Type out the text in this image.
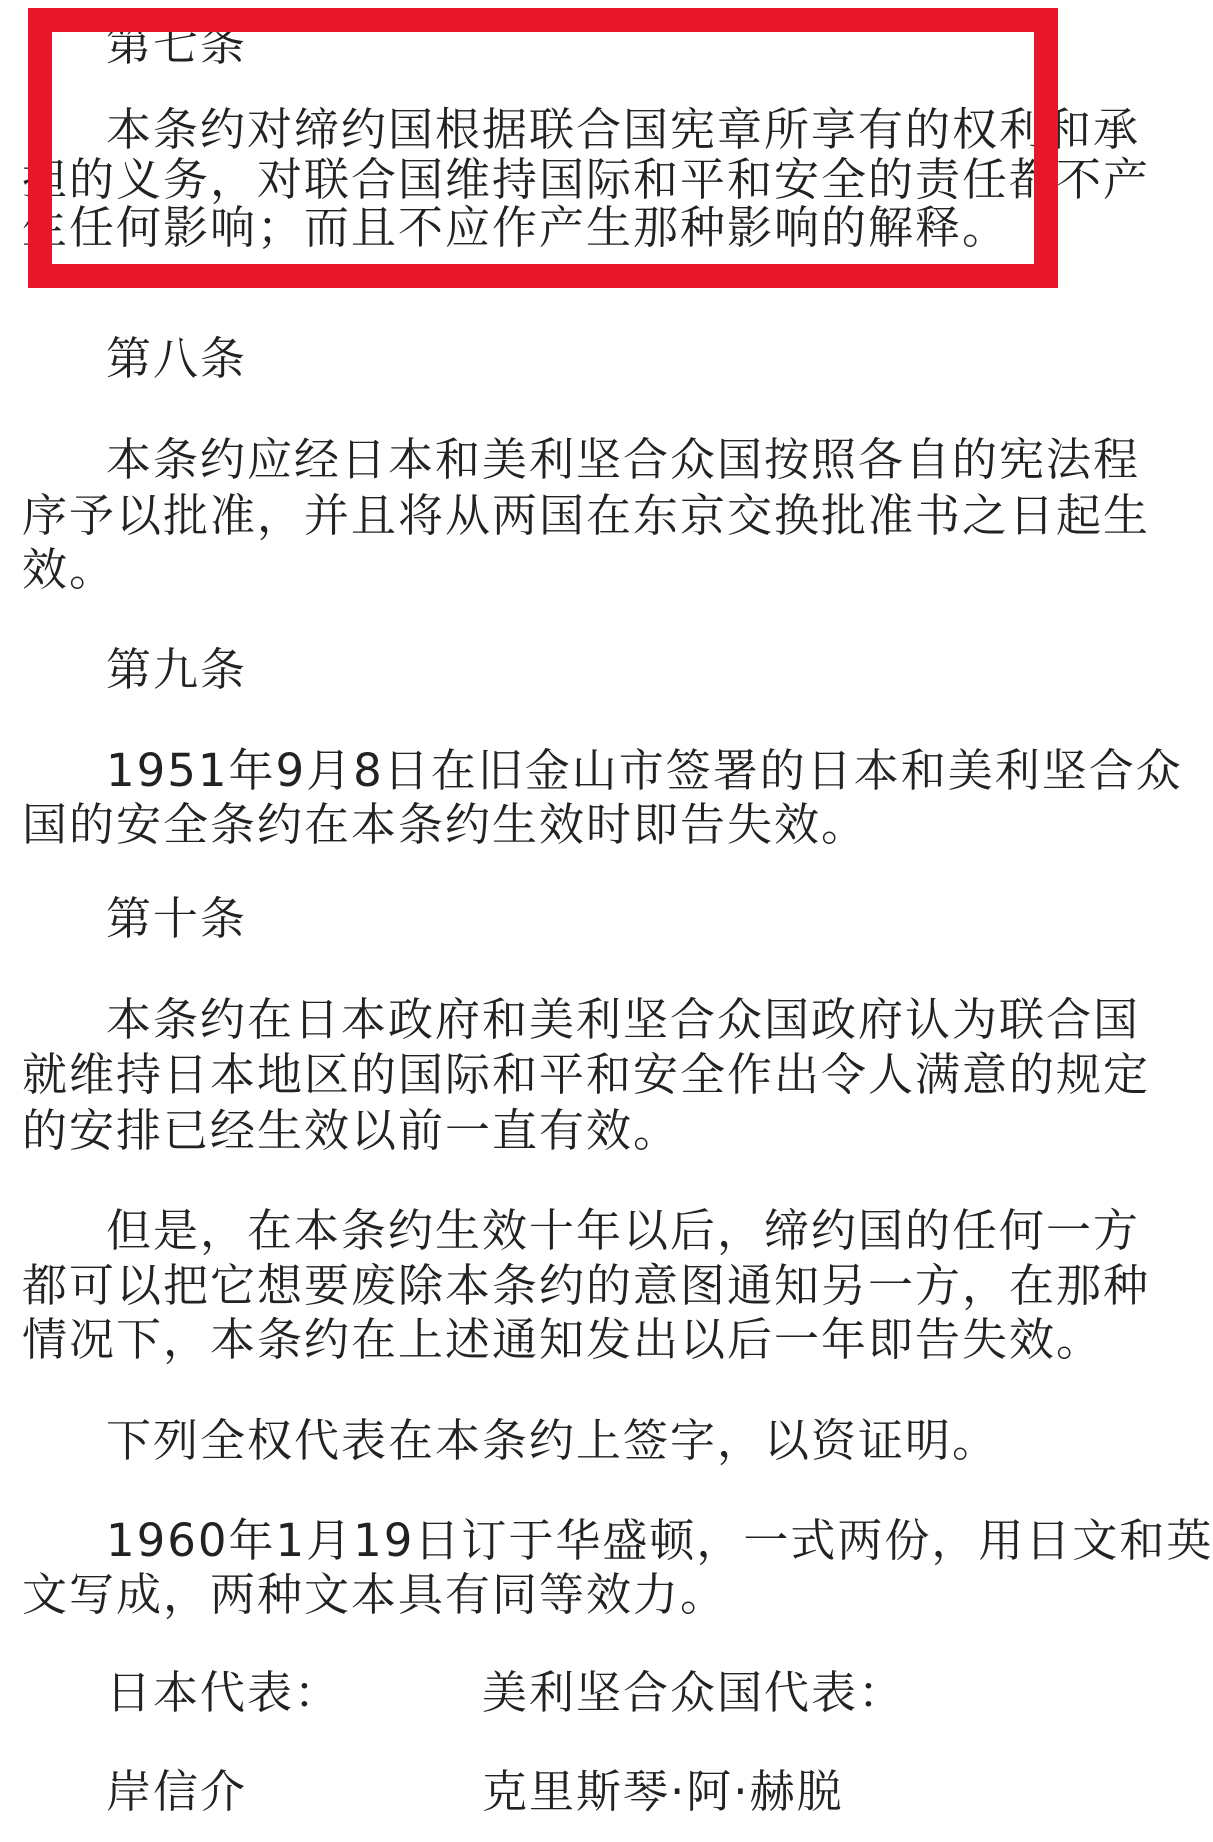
第七条
本条约对缔约国根据联合国宪章所享有的权利和承
担的义务，对联合国维持国际和平和安全的责任都不产
生任何影响；而且不应作产生那种影响的解释。
第八条
本条约应经日本和美利坚合众国按照各自的宪法程
序予以批准，并且将从两国在东京交换批准书之日起生
效。
第九条
1951年9月8日在旧金山市签署的日本和美利坚合众
国的安全条约在本条约生效时即告失效。
第十条
本条约在日本政府和美利坚合众国政府认为联合国
就维持日本地区的国际和平和安全作出令人满意的规定
的安排已经生效以前一直有效。
但是，在本条约生效十年以后，缔约国的任何一方
都可以把它想要废除本条约的意图通知另一方，在那种
情况下，本条约在上述通知发出以后一年即告失效。
下列全权代表在本条约上签字，以资证明。
1960年1月19日订于华盛顿，一式两份，用日文和英
文写成，两种文本具有同等效力。
日本代表：	美利坚合众国代表：
岸信介	克里斯琴·阿·赫脱
